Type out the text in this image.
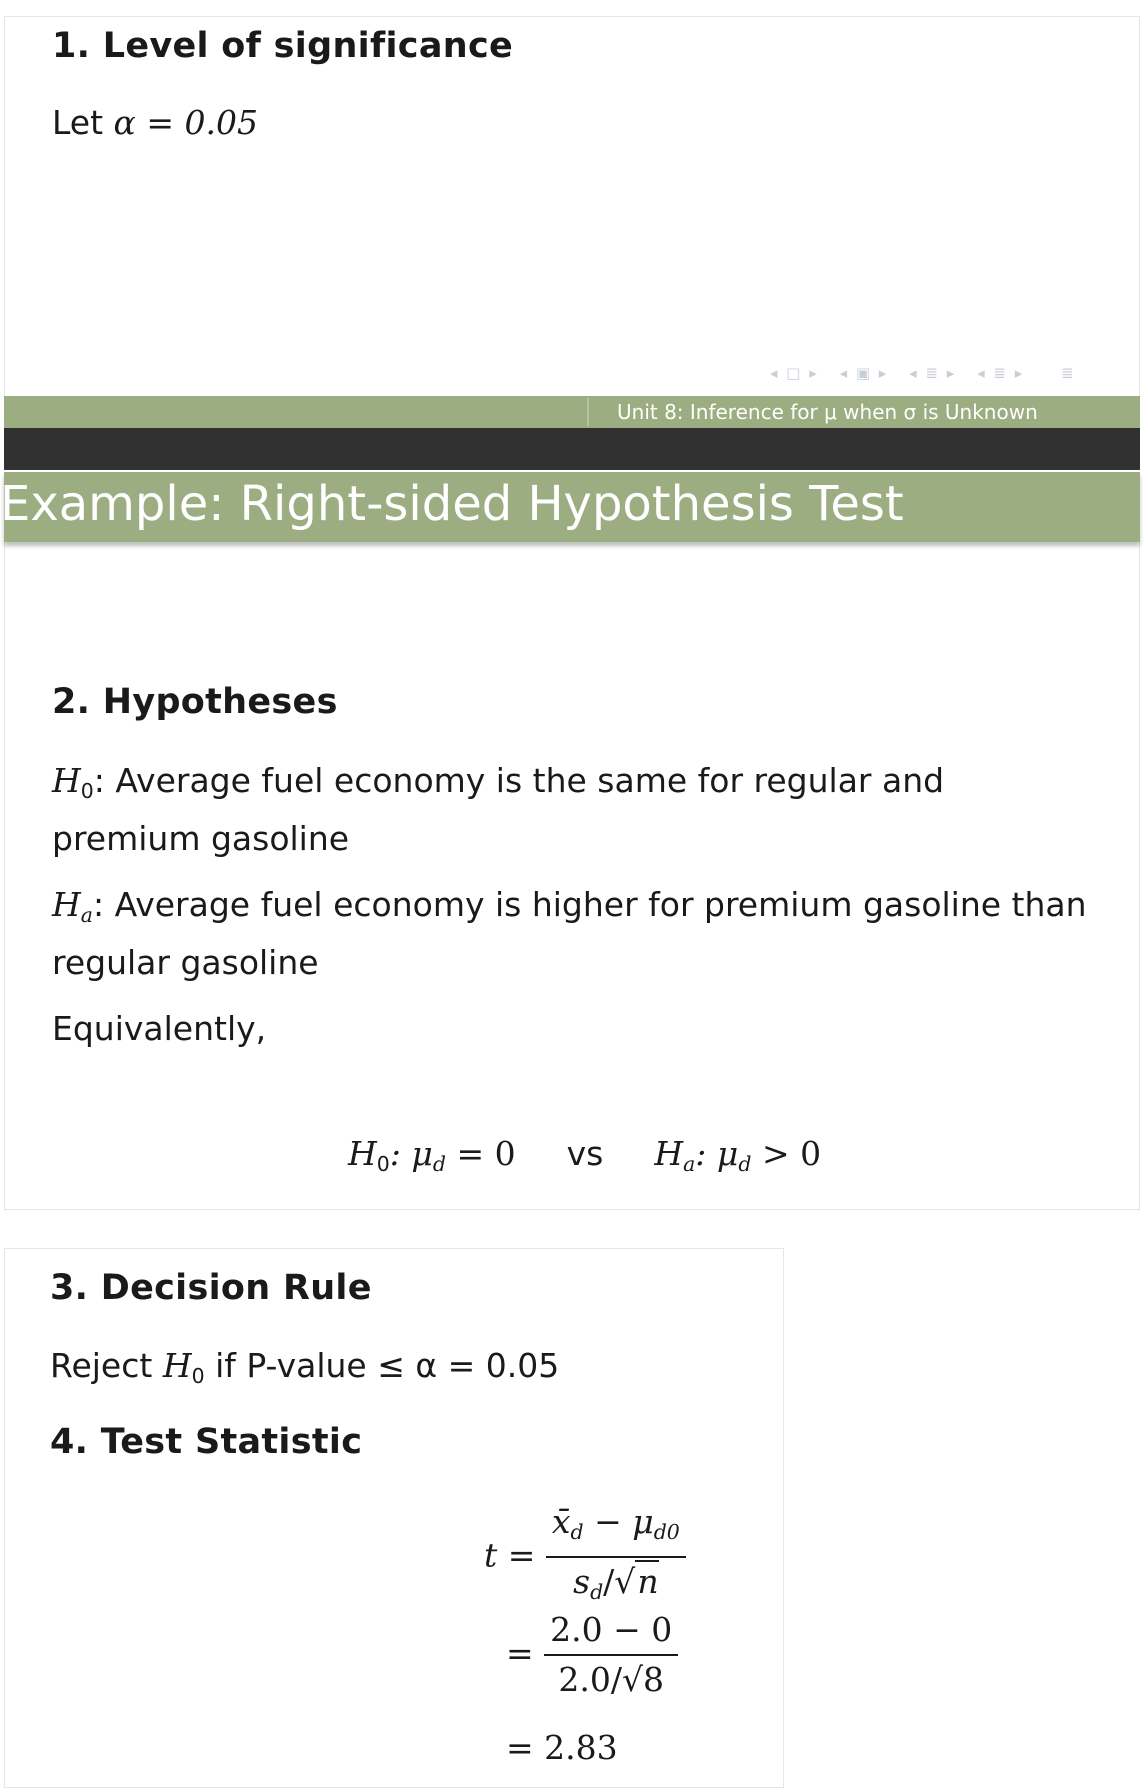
1. Level of significance
Let α = 0.05
◂ □ ▸ ◂ ▣ ▸ ◂ ≣ ▸ ◂ ≣ ▸ ≣
Unit 8: Inference for μ when σ is Unknown
Example: Right-sided Hypothesis Test
2. Hypotheses
$H_0$: Average fuel economy is the same for regular and premium gasoline
Ha: Average fuel economy is higher for premium gasoline than regular gasoline
Equivalently,
$H_0$: μd = 0 vs Ha: μd > 0
3. Decision Rule
Reject $H_0$ if P-value ≤ α = 0.05
4. Test Statistic
$t = \frac{x̄d - \mu d0}{sd/√n}$
= $\frac{2.0 - 0}{2.0/√8}$
= 2.83
